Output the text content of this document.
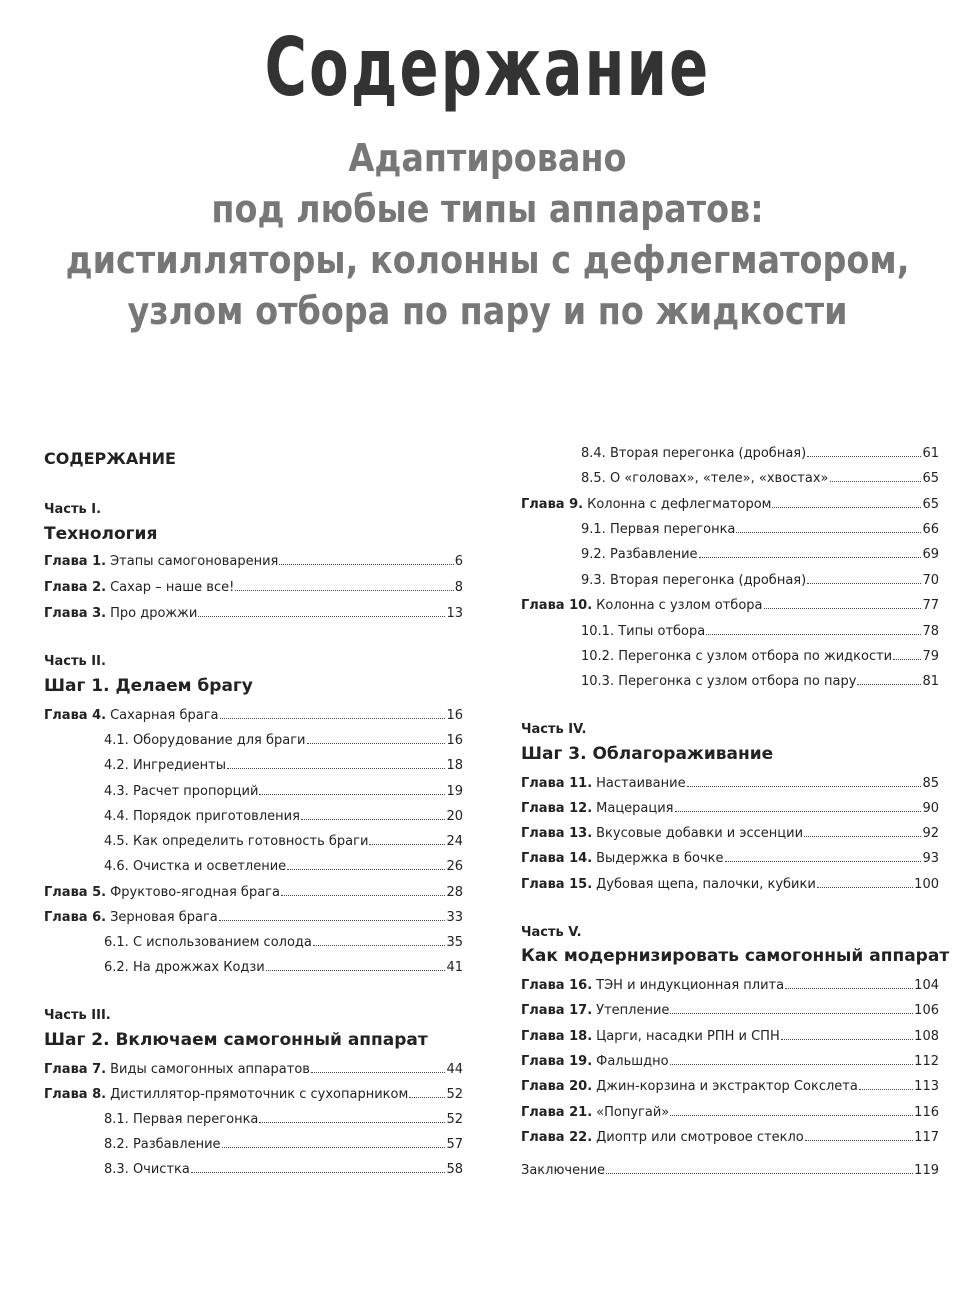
Содержание
Адаптировано
под любые типы аппаратов:
дистилляторы, колонны с дефлегматором,
узлом отбора по пару и по жидкости
СОДЕРЖАНИЕ
Часть I.
Технология
Часть II.
Шаг 1. Делаем брагу
Часть III.
Шаг 2. Включаем самогонный аппарат
Часть IV.
Шаг 3. Облагораживание
Часть V.
Как модернизировать самогонный аппарат
Глава 1. Этапы самогоноварения	6
Глава 2. Сахар – наше все!	8
Глава 3. Про дрожжи	13
Глава 4. Сахарная брага	16
4.1. Оборудование для браги	16
4.2. Ингредиенты	18
4.3. Расчет пропорций	19
4.4. Порядок приготовления	20
4.5. Как определить готовность браги	24
4.6. Очистка и осветление	26
Глава 5. Фруктово-ягодная брага	28
Глава 6. Зерновая брага	33
6.1. С использованием солода	35
6.2. На дрожжах Кодзи	41
Глава 7. Виды самогонных аппаратов	44
Глава 8. Дистиллятор-прямоточник с сухопарником	52
8.1. Первая перегонка	52
8.2. Разбавление	57
8.3. Очистка	58
8.4. Вторая перегонка (дробная)	61
8.5. О «головах», «теле», «хвостах»	65
Глава 9. Колонна с дефлегматором	65
9.1. Первая перегонка	66
9.2. Разбавление	69
9.3. Вторая перегонка (дробная)	70
Глава 10. Колонна с узлом отбора	77
10.1. Типы отбора	78
10.2. Перегонка с узлом отбора по жидкости 79
10.3. Перегонка с узлом отбора по пару	81
Глава 11. Настаивание	85
Глава 12. Мацерация	90
Глава 13. Вкусовые добавки и эссенции	92
Глава 14. Выдержка в бочке	93
Глава 15. Дубовая щепа, палочки, кубики	100
Глава 16. ТЭН и индукционная плита	104
Глава 17. Утепление	106
Глава 18. Царги, насадки РПН и СПН	108
Глава 19. Фальшдно	112
Глава 20. Джин-корзина и экстрактор Сокслета	113
Глава 21. «Попугай»	116
Глава 22. Диоптр или смотровое стекло	117
Заключение	119
